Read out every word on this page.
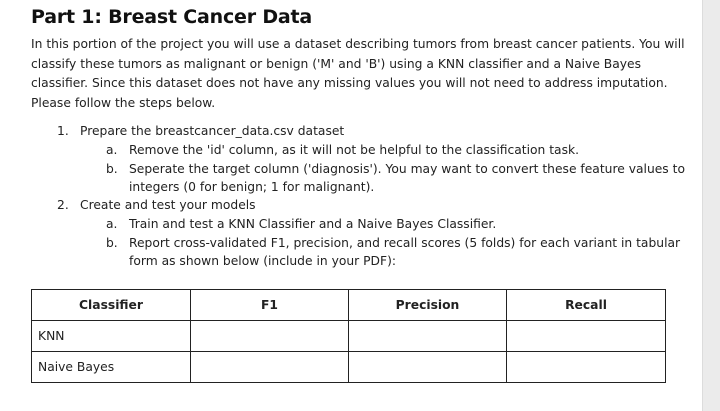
Part 1: Breast Cancer Data

In this portion of the project you will use a dataset describing tumors from breast cancer patients. You will
classify these tumors as malignant or benign ('M' and 'B') using a KNN classifier and a Naive Bayes
classifier. Since this dataset does not have any missing values you will not need to address imputation.
Please follow the steps below.

1. Prepare the breastcancer_data.csv dataset
a. Remove the 'id' column, as it will not be helpful to the classification task.
b. Seperate the target column ('diagnosis'). You may want to convert these feature values to
integers (0 for benign; 1 for malignant).
2. Create and test your models
a. Train and test a KNN Classifier and a Naive Bayes Classifier.
b. Report cross-validated F1, precision, and recall scores (5 folds) for each variant in tabular
form as shown below (include in your PDF):
Classifier	F1	Precision	Recall
KNN			
Naive Bayes			
